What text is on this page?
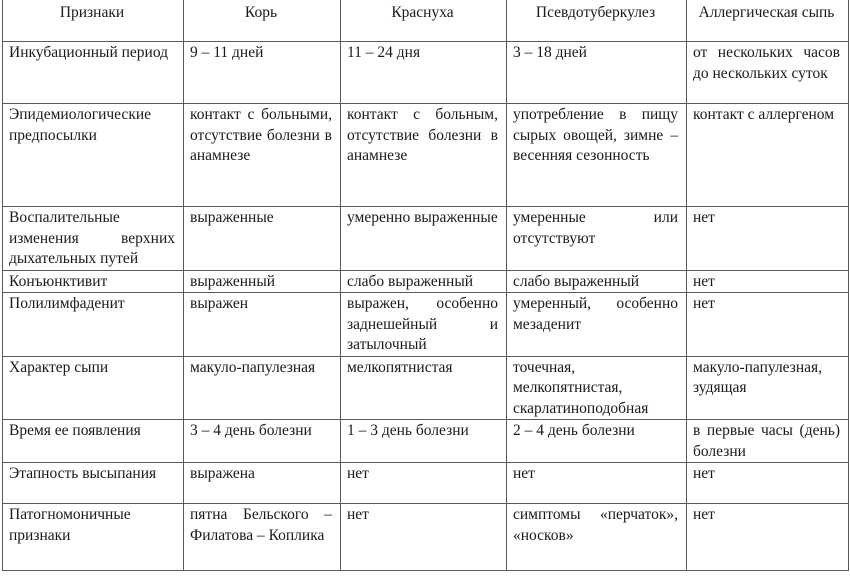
Признаки	Корь	Краснуха	Псевдотуберкулез	Аллергическая сыпь
Инкубационный период	9 – 11 дней	11 – 24 дня	3 – 18 дней	от нескольких часов до нескольких суток
Эпидемиологические предпосылки	контакт с больными, отсутствие болезни в анамнезе	контакт с больным, отсутствие болезни в анамнезе	употребление в пищу сырых овощей, зимне – весенняя сезонность	контакт с аллергеном
Воспалительные изменения верхних дыхательных путей	выраженные	умеренно выраженные	умеренные или отсутствуют	нет
Конъюнктивит	выраженный	слабо выраженный	слабо выраженный	нет
Полилимфаденит	выражен	выражен, особенно заднешейный и затылочный	умеренный, особенно мезаденит	нет
Характер сыпи	макуло-папулезная	мелкопятнистая	точечная, мелкопятнистая, скарлатиноподобная	макуло-папулезная, зудящая
Время ее появления	3 – 4 день болезни	1 – 3 день болезни	2 – 4 день болезни	в первые часы (день) болезни
Этапность высыпания	выражена	нет	нет	нет
Патогномоничные признаки	пятна Бельского – Филатова – Коплика	нет	симптомы «перчаток», «носков»	нет
